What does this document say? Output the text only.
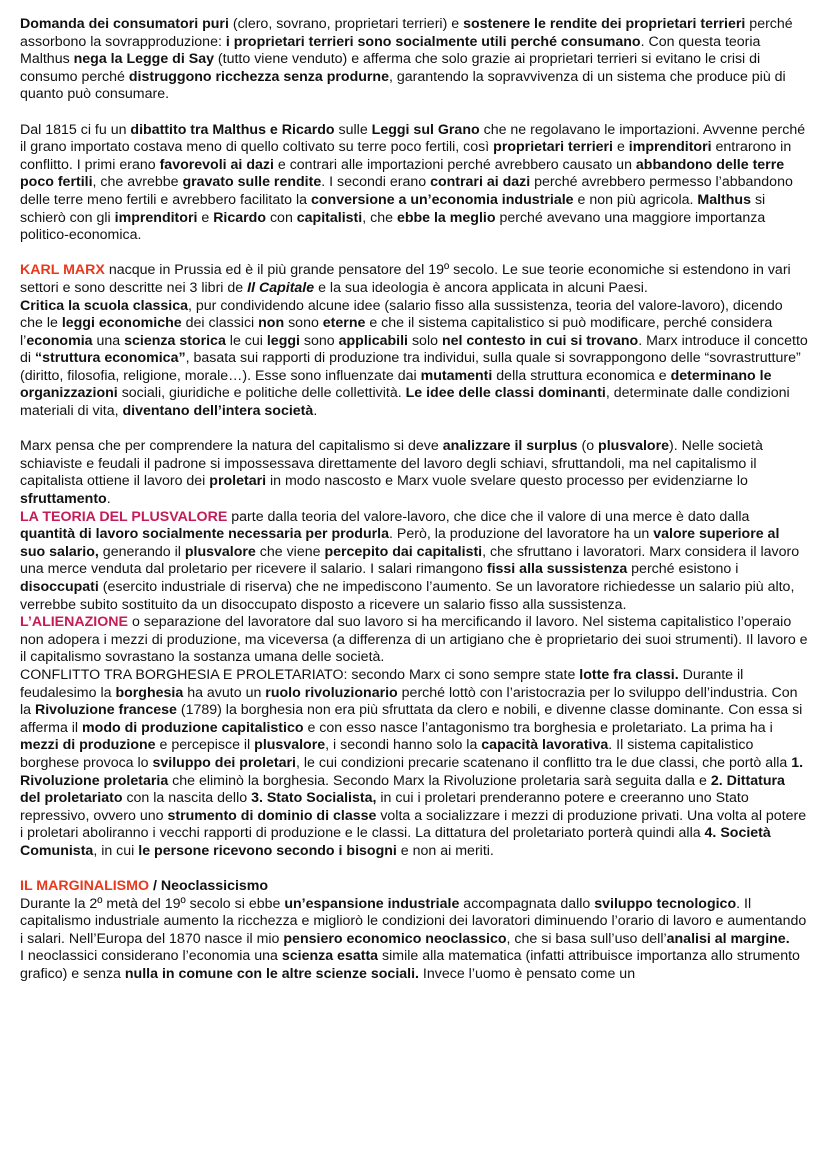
Domanda dei consumatori puri (clero, sovrano, proprietari terrieri) e sostenere le rendite dei proprietari terrieri perché assorbono la sovrapproduzione: i proprietari terrieri sono socialmente utili perché consumano. Con questa teoria Malthus nega la Legge di Say (tutto viene venduto) e afferma che solo grazie ai proprietari terrieri si evitano le crisi di consumo perché distruggono ricchezza senza produrne, garantendo la sopravvivenza di un sistema che produce più di quanto può consumare.

Dal 1815 ci fu un dibattito tra Malthus e Ricardo sulle Leggi sul Grano che ne regolavano le importazioni. Avvenne perché il grano importato costava meno di quello coltivato su terre poco fertili, così proprietari terrieri e imprenditori entrarono in conflitto. I primi erano favorevoli ai dazi e contrari alle importazioni perché avrebbero causato un abbandono delle terre poco fertili, che avrebbe gravato sulle rendite. I secondi erano contrari ai dazi perché avrebbero permesso l’abbandono delle terre meno fertili e avrebbero facilitato la conversione a un’economia industriale e non più agricola. Malthus si schierò con gli imprenditori e Ricardo con capitalisti, che ebbe la meglio perché avevano una maggiore importanza politico-economica.

KARL MARX nacque in Prussia ed è il più grande pensatore del 19º secolo. Le sue teorie economiche si estendono in vari settori e sono descritte nei 3 libri de Il Capitale e la sua ideologia è ancora applicata in alcuni Paesi.

Critica la scuola classica, pur condividendo alcune idee (salario fisso alla sussistenza, teoria del valore-lavoro), dicendo che le leggi economiche dei classici non sono eterne e che il sistema capitalistico si può modificare, perché considera l’economia una scienza storica le cui leggi sono applicabili solo nel contesto in cui si trovano. Marx introduce il concetto di “struttura economica”, basata sui rapporti di produzione tra individui, sulla quale si sovrappongono delle “sovrastrutture” (diritto, filosofia, religione, morale…). Esse sono influenzate dai mutamenti della struttura economica e determinano le organizzazioni sociali, giuridiche e politiche delle collettività. Le idee delle classi dominanti, determinate dalle condizioni materiali di vita, diventano dell’intera società.

Marx pensa che per comprendere la natura del capitalismo si deve analizzare il surplus (o plusvalore). Nelle società schiaviste e feudali il padrone si impossessava direttamente del lavoro degli schiavi, sfruttandoli, ma nel capitalismo il capitalista ottiene il lavoro dei proletari in modo nascosto e Marx vuole svelare questo processo per evidenziarne lo sfruttamento.

LA TEORIA DEL PLUSVALORE parte dalla teoria del valore-lavoro, che dice che il valore di una merce è dato dalla quantità di lavoro socialmente necessaria per produrla. Però, la produzione del lavoratore ha un valore superiore al suo salario, generando il plusvalore che viene percepito dai capitalisti, che sfruttano i lavoratori. Marx considera il lavoro una merce venduta dal proletario per ricevere il salario. I salari rimangono fissi alla sussistenza perché esistono i disoccupati (esercito industriale di riserva) che ne impediscono l’aumento. Se un lavoratore richiedesse un salario più alto, verrebbe subito sostituito da un disoccupato disposto a ricevere un salario fisso alla sussistenza.

L’ALIENAZIONE o separazione del lavoratore dal suo lavoro si ha mercificando il lavoro. Nel sistema capitalistico l’operaio non adopera i mezzi di produzione, ma viceversa (a differenza di un artigiano che è proprietario dei suoi strumenti). Il lavoro e il capitalismo sovrastano la sostanza umana delle società.

CONFLITTO TRA BORGHESIA E PROLETARIATO: secondo Marx ci sono sempre state lotte fra classi. Durante il feudalesimo la borghesia ha avuto un ruolo rivoluzionario perché lottò con l’aristocrazia per lo sviluppo dell’industria. Con la Rivoluzione francese (1789) la borghesia non era più sfruttata da clero e nobili, e divenne classe dominante. Con essa si afferma il modo di produzione capitalistico e con esso nasce l’antagonismo tra borghesia e proletariato. La prima ha i mezzi di produzione e percepisce il plusvalore, i secondi hanno solo la capacità lavorativa. Il sistema capitalistico borghese provoca lo sviluppo dei proletari, le cui condizioni precarie scatenano il conflitto tra le due classi, che portò alla 1. Rivoluzione proletaria che eliminò la borghesia. Secondo Marx la Rivoluzione proletaria sarà seguita dalla e 2. Dittatura del proletariato con la nascita dello 3. Stato Socialista, in cui i proletari prenderanno potere e creeranno uno Stato repressivo, ovvero uno strumento di dominio di classe volta a socializzare i mezzi di produzione privati. Una volta al potere i proletari aboliranno i vecchi rapporti di produzione e le classi. La dittatura del proletariato porterà quindi alla 4. Società Comunista, in cui le persone ricevono secondo i bisogni e non ai meriti.

IL MARGINALISMO / Neoclassicismo

Durante la 2º metà del 19º secolo si ebbe un’espansione industriale accompagnata dallo sviluppo tecnologico. Il capitalismo industriale aumento la ricchezza e migliorò le condizioni dei lavoratori diminuendo l’orario di lavoro e aumentando i salari. Nell’Europa del 1870 nasce il mio pensiero economico neoclassico, che si basa sull’uso dell’analisi al margine.

I neoclassici considerano l’economia una scienza esatta simile alla matematica (infatti attribuisce importanza allo strumento grafico) e senza nulla in comune con le altre scienze sociali. Invece l’uomo è pensato come un
